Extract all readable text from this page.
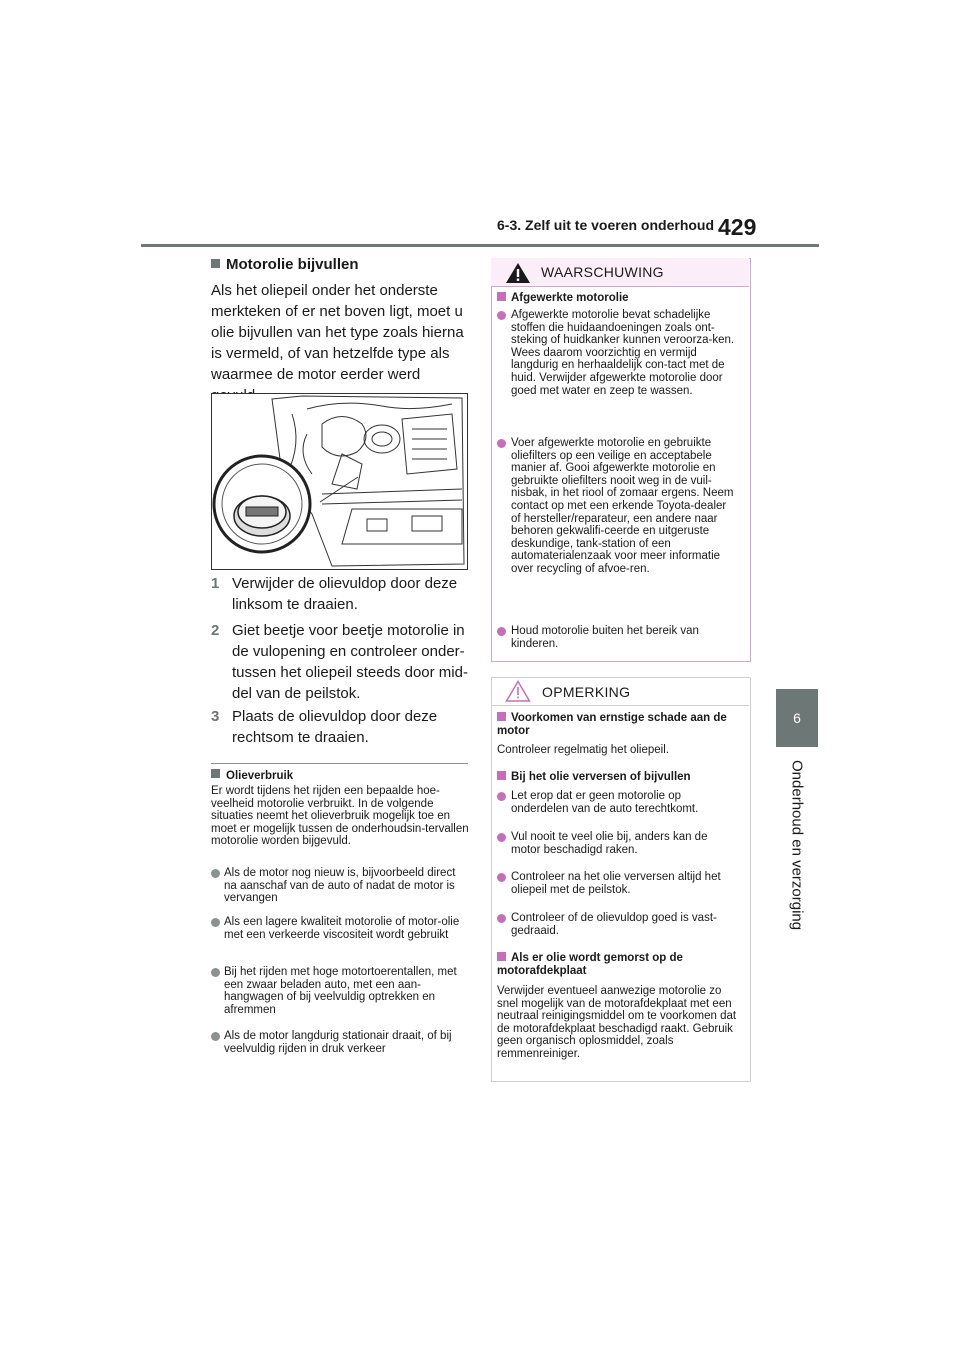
6-3. Zelf uit te voeren onderhoud 429
6
Onderhoud en verzorging
Motorolie bijvullen
Als het oliepeil onder het onderste merkteken of er net boven ligt, moet u olie bijvullen van het type zoals hierna is vermeld, of van hetzelfde type als waarmee de motor eerder werd
1 Verwijder de olievuldop door deze linksom te draaien.
2 Giet beetje voor beetje motorolie in de vulopening en controleer onder-tussen het oliepeil steeds door mid-del van de peilstok.
3 Plaats de olievuldop door deze rechtsom te draaien.
Olieverbruik
Er wordt tijdens het rijden een bepaalde hoe-veelheid motorolie verbruikt. In de volgende situaties neemt het olieverbruik mogelijk toe en moet er mogelijk tussen de onderhoudsin-tervallen motorolie worden bijgevuld.
Als de motor nog nieuw is, bijvoorbeeld direct na aanschaf van de auto of nadat de motor is vervangen
Als een lagere kwaliteit motorolie of motor-olie met een verkeerde viscositeit wordt gebruikt
Bij het rijden met hoge motortoerentallen, met een zwaar beladen auto, met een aan-hangwagen of bij veelvuldig optrekken en afremmen
Als de motor langdurig stationair draait, of bij veelvuldig rijden in druk verkeer
WAARSCHUWING
Afgewerkte motorolie
Afgewerkte motorolie bevat schadelijke stoffen die huidaandoeningen zoals ont-steking of huidkanker kunnen veroorza-ken. Wees daarom voorzichtig en vermijd langdurig en herhaaldelijk con-tact met de huid. Verwijder afgewerkte motorolie door goed met water en zeep te wassen.
Voer afgewerkte motorolie en gebruikte oliefilters op een veilige en acceptabele manier af. Gooi afgewerkte motorolie en gebruikte oliefilters nooit weg in de vuil-nisbak, in het riool of zomaar ergens. Neem contact op met een erkende Toyota-dealer of hersteller/reparateur, een andere naar behoren gekwalifi-ceerde en uitgeruste deskundige, tank-station of een automaterialenzaak voor meer informatie over recycling of afvoe-ren.
Houd motorolie buiten het bereik van kinderen.
OPMERKING
Voorkomen van ernstige schade aan de motor
Controleer regelmatig het oliepeil.
Bij het olie verversen of bijvullen
Let erop dat er geen motorolie op onderdelen van de auto terechtkomt.
Vul nooit te veel olie bij, anders kan de motor beschadigd raken.
Controleer na het olie verversen altijd het oliepeil met de peilstok.
Controleer of de olievuldop goed is vast-gedraaid.
Als er olie wordt gemorst op de motorafdekplaat
Verwijder eventueel aanwezige motorolie zo snel mogelijk van de motorafdekplaat met een neutraal reinigingsmiddel om te voorkomen dat de motorafdekplaat beschadigd raakt. Gebruik geen organisch oplosmiddel, zoals remmenreiniger.
